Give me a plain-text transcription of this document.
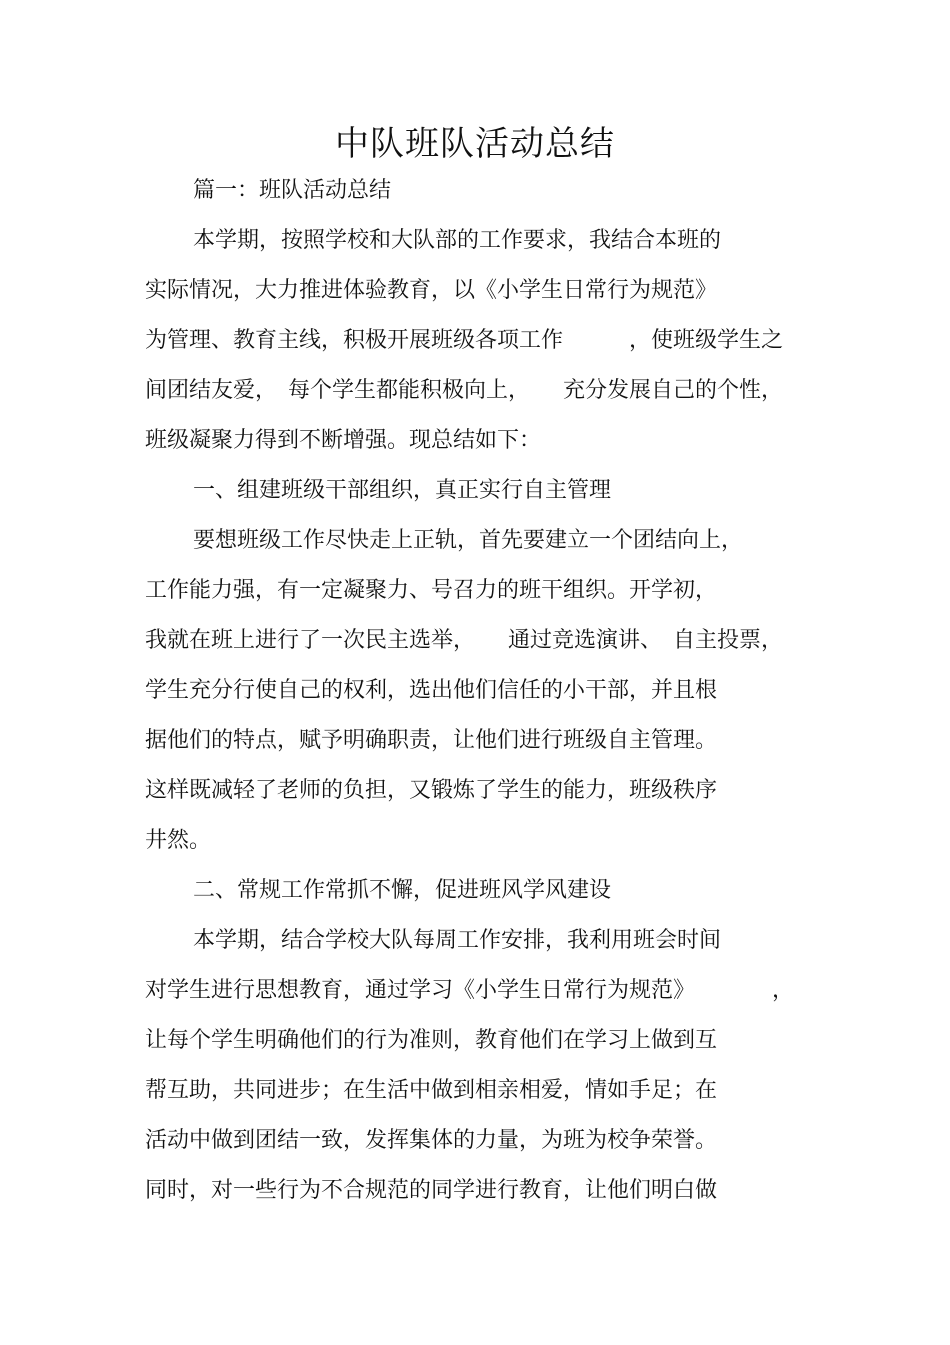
中队班队活动总结
篇一：班队活动总结
本学期，按照学校和大队部的工作要求，我结合本班的
实际情况，大力推进体验教育，以《小学生日常行为规范》
为管理、教育主线，积极开展班级各项工作　　　，使班级学生之
间团结友爱，　每个学生都能积极向上，　　充分发展自己的个性，
班级凝聚力得到不断增强。现总结如下：
一、组建班级干部组织，真正实行自主管理
要想班级工作尽快走上正轨，首先要建立一个团结向上，
工作能力强，有一定凝聚力、号召力的班干组织。开学初，
我就在班上进行了一次民主选举，　　通过竞选演讲、　自主投票，
学生充分行使自己的权利，选出他们信任的小干部，并且根
据他们的特点，赋予明确职责，让他们进行班级自主管理。
这样既减轻了老师的负担，又锻炼了学生的能力，班级秩序
井然。
二、常规工作常抓不懈，促进班风学风建设
本学期，结合学校大队每周工作安排，我利用班会时间
对学生进行思想教育，通过学习《小学生日常行为规范》　　　　，
让每个学生明确他们的行为准则，教育他们在学习上做到互
帮互助，共同进步；在生活中做到相亲相爱，情如手足；在
活动中做到团结一致，发挥集体的力量，为班为校争荣誉。
同时，对一些行为不合规范的同学进行教育，让他们明白做
